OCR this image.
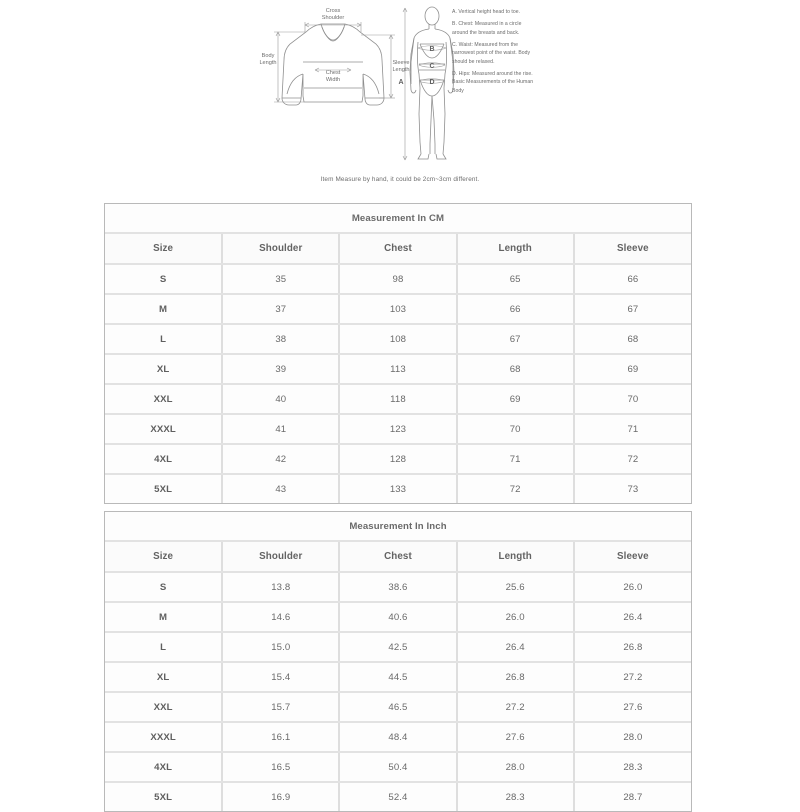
Cross
Shoulder
Body
Length
Chest
Width
Sleeve
Length
A
B
C
D
A. Vertical height head to toe.
B. Chest: Measured in a circle around the breasts and back.
C. Waist: Measured from the narrowest point of the waist. Body should be relaxed.
D. Hips: Measured around the rise. Basic Measurements of the Human Body
Item Measure by hand, it could be 2cm~3cm different.
Measurement In CM				
Size	Shoulder	Chest	Length	Sleeve
S	35	98	65	66
M	37	103	66	67
L	38	108	67	68
XL	39	113	68	69
XXL	40	118	69	70
XXXL	41	123	70	71
4XL	42	128	71	72
5XL	43	133	72	73
Measurement In Inch				
Size	Shoulder	Chest	Length	Sleeve
S	13.8	38.6	25.6	26.0
M	14.6	40.6	26.0	26.4
L	15.0	42.5	26.4	26.8
XL	15.4	44.5	26.8	27.2
XXL	15.7	46.5	27.2	27.6
XXXL	16.1	48.4	27.6	28.0
4XL	16.5	50.4	28.0	28.3
5XL	16.9	52.4	28.3	28.7
